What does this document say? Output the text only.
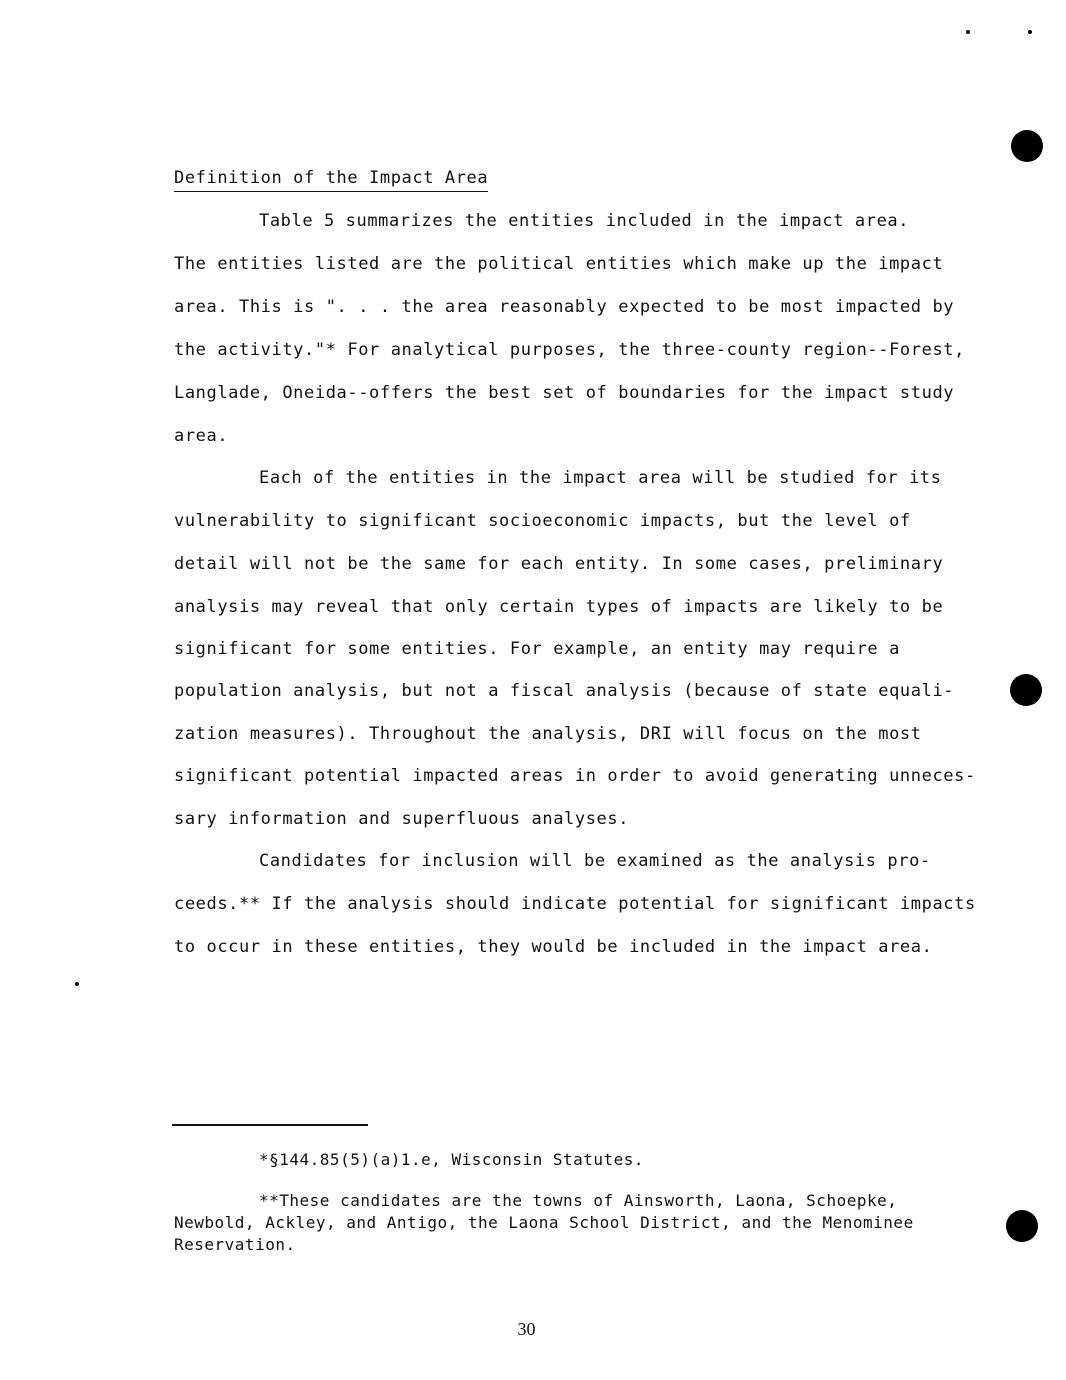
Definition of the Impact Area
Table 5 summarizes the entities included in the impact area.
The entities listed are the political entities which make up the impact
area. This is ". . . the area reasonably expected to be most impacted by
the activity."* For analytical purposes, the three-county region--Forest,
Langlade, Oneida--offers the best set of boundaries for the impact study
area.
Each of the entities in the impact area will be studied for its
vulnerability to significant socioeconomic impacts, but the level of
detail will not be the same for each entity. In some cases, preliminary
analysis may reveal that only certain types of impacts are likely to be
significant for some entities. For example, an entity may require a
population analysis, but not a fiscal analysis (because of state equali-
zation measures). Throughout the analysis, DRI will focus on the most
significant potential impacted areas in order to avoid generating unneces-
sary information and superfluous analyses.
Candidates for inclusion will be examined as the analysis pro-
ceeds.** If the analysis should indicate potential for significant impacts
to occur in these entities, they would be included in the impact area.
*§144.85(5)(a)1.e, Wisconsin Statutes.
**These candidates are the towns of Ainsworth, Laona, Schoepke,
Newbold, Ackley, and Antigo, the Laona School District, and the Menominee
Reservation.
30
